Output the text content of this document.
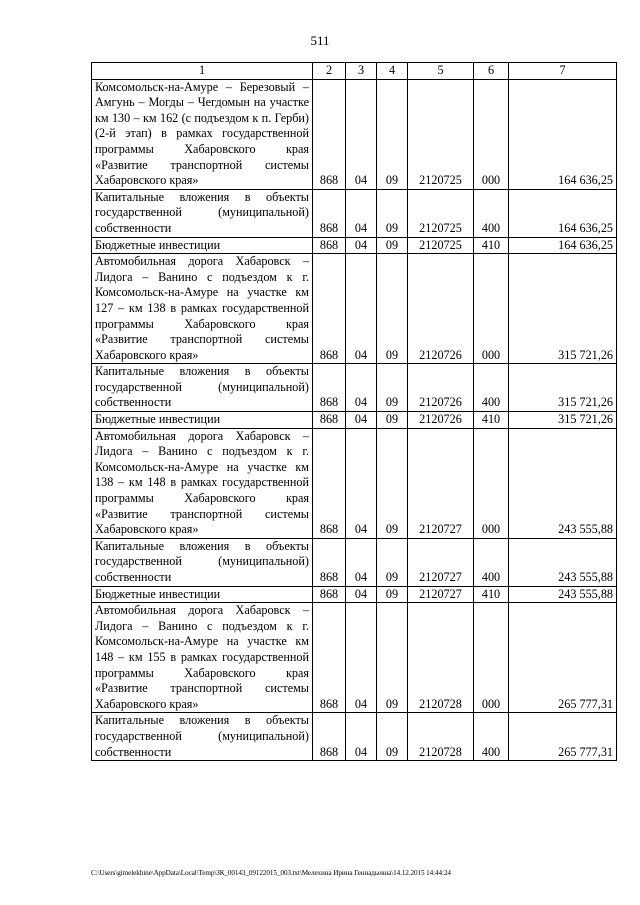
511
1	2	3	4	5	6	7
Комсомольск-на-Амуре – Березовый – Амгунь – Могды – Чегдомын на участке км 130 – км 162 (с подъездом к п. Герби) (2-й этап) в рамках государственной программы Хабаровского края «Развитие транспортной системы Хабаровского края»	868	04	09	2120725	000	164 636,25
Капитальные вложения в объекты государственной (муниципальной) собственности	868	04	09	2120725	400	164 636,25
Бюджетные инвестиции	868	04	09	2120725	410	164 636,25
Автомобильная дорога Хабаровск – Лидога – Ванино с подъездом к г. Комсомольск-на-Амуре на участке км 127 – км 138 в рамках государственной программы Хабаровского края «Развитие транспортной системы Хабаровского края»	868	04	09	2120726	000	315 721,26
Капитальные вложения в объекты государственной (муниципальной) собственности	868	04	09	2120726	400	315 721,26
Бюджетные инвестиции	868	04	09	2120726	410	315 721,26
Автомобильная дорога Хабаровск –Лидога – Ванино с подъездом к г. Комсомольск-на-Амуре на участке км 138 – км 148 в рамках государственной программы Хабаровского края «Развитие транспортной системы Хабаровского края»	868	04	09	2120727	000	243 555,88
Капитальные вложения в объекты государственной (муниципальной) собственности	868	04	09	2120727	400	243 555,88
Бюджетные инвестиции	868	04	09	2120727	410	243 555,88
Автомобильная дорога Хабаровск – Лидога – Ванино с подъездом к г. Комсомольск-на-Амуре на участке км 148 – км 155 в рамках государственной программы Хабаровского края «Развитие транспортной системы Хабаровского края»	868	04	09	2120728	000	265 777,31
Капитальные вложения в объекты государственной (муниципальной) собственности	868	04	09	2120728	400	265 777,31
C:\Users\gimelekhine\AppData\Local\Temp\ЗК_00143_09122015_003.txt\Мелехина Ирина Геннадьевна\14.12.2015 14:44:24
